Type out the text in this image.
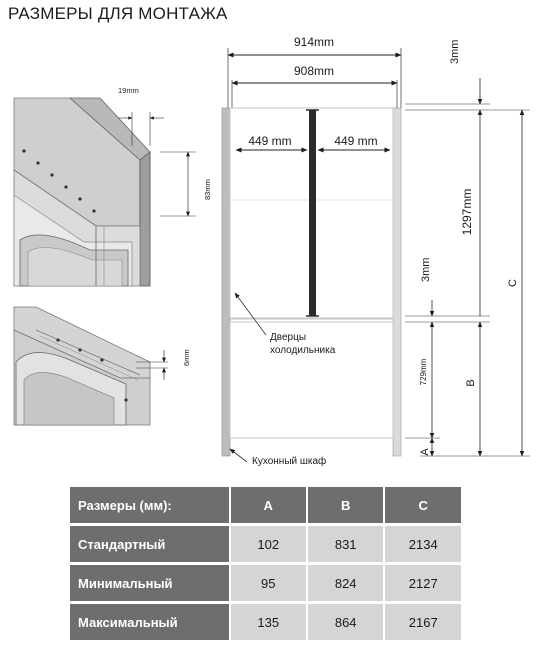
РАЗМЕРЫ ДЛЯ МОНТАЖА
19mm
83mm
6mm
914mm
908mm
449 mm	449 mm
Дверцы
холодильника
Кухонный шкаф
3mm
1297mm
3mm
729mm
A
B
C
Размеры (мм):	A	B	C

Стандартный	102	831	2134

Минимальный	95	824	2127

Максимальный	135	864	2167
